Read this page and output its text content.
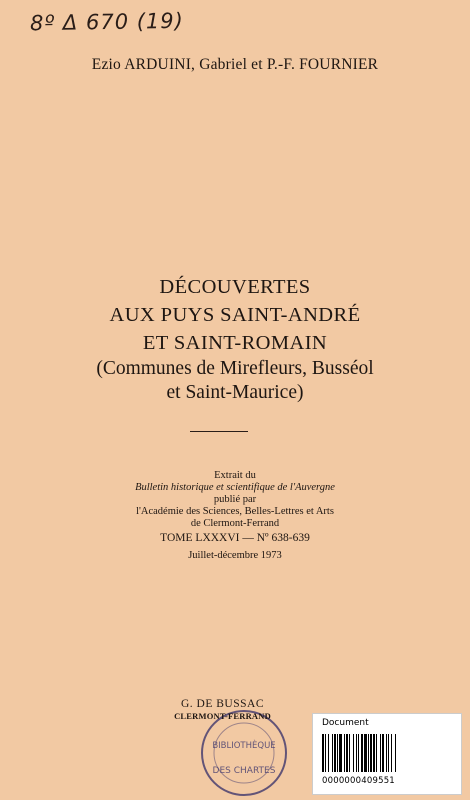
8º Δ 670 (19)
Ezio ARDUINI, Gabriel et P.-F. FOURNIER
DÉCOUVERTES
AUX PUYS SAINT-ANDRÉ
ET SAINT-ROMAIN
(Communes de Mirefleurs, Busséol
et Saint-Maurice)
Extrait du
Bulletin historique et scientifique de l'Auvergne
publié par
l'Académie des Sciences, Belles-Lettres et Arts
de Clermont-Ferrand
TOME LXXXVI — Nº 638-639
Juillet-décembre 1973
BIBLIOTHÈQUE
DES CHARTES
G. DE BUSSAC
CLERMONT-FERRAND
Document
0000000409551
